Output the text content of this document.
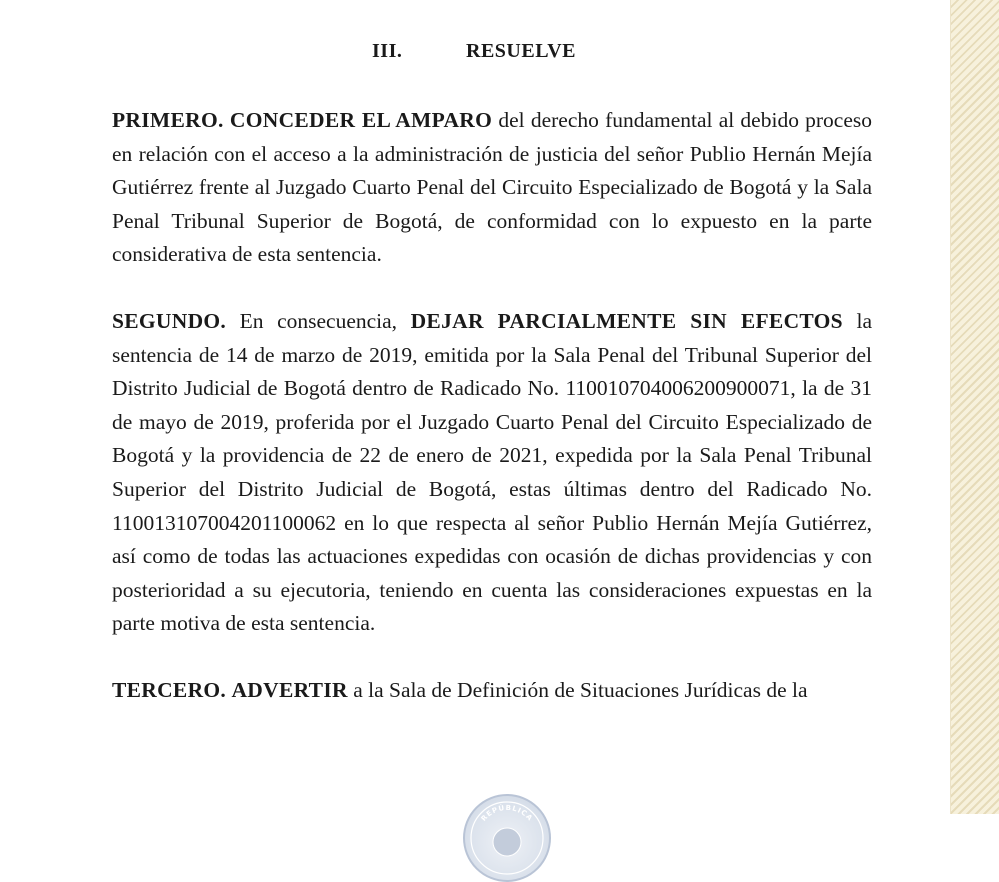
III.	RESUELVE

PRIMERO. CONCEDER EL AMPARO del derecho fundamental al debido proceso en relación con el acceso a la administración de justicia del señor Publio Hernán Mejía Gutiérrez frente al Juzgado Cuarto Penal del Circuito Especializado de Bogotá y la Sala Penal Tribunal Superior de Bogotá, de conformidad con lo expuesto en la parte considerativa de esta sentencia.

SEGUNDO. En consecuencia, DEJAR PARCIALMENTE SIN EFECTOS la sentencia de 14 de marzo de 2019, emitida por la Sala Penal del Tribunal Superior del Distrito Judicial de Bogotá dentro de Radicado No. 110010704006200900071, la de 31 de mayo de 2019, proferida por el Juzgado Cuarto Penal del Circuito Especializado de Bogotá y la providencia de 22 de enero de 2021, expedida por la Sala Penal Tribunal Superior del Distrito Judicial de Bogotá, estas últimas dentro del Radicado No. 110013107004201100062 en lo que respecta al señor Publio Hernán Mejía Gutiérrez, así como de todas las actuaciones expedidas con ocasión de dichas providencias y con posterioridad a su ejecutoria, teniendo en cuenta las consideraciones expuestas en la parte motiva de esta sentencia.

TERCERO. ADVERTIR a la Sala de Definición de Situaciones Jurídicas de la

REPÚBLICA
